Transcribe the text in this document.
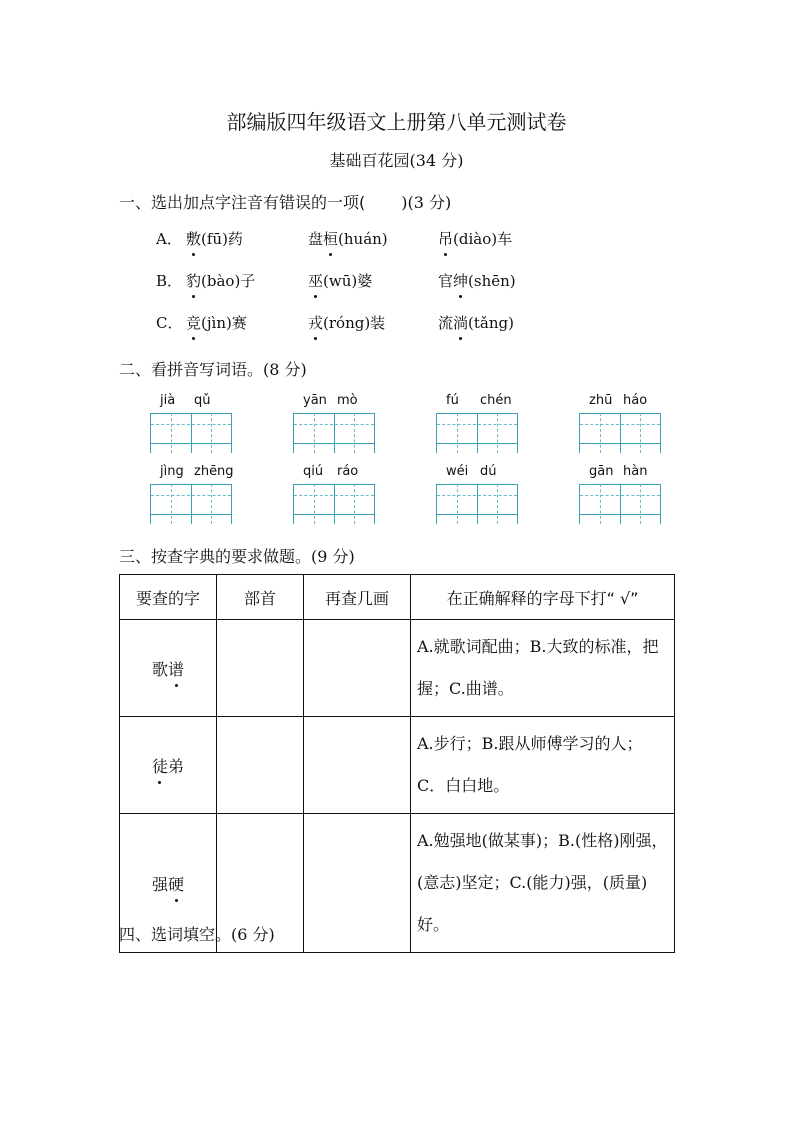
部编版四年级语文上册第八单元测试卷
基础百花园(34 分)
一、选出加点字注音有错误的一项( )(3 分)
A． 敷(fū)药	盘桓(huán)	吊(diào)车
B． 豹(bào)子	巫(wū)婆	官绅(shēn)
C． 竞(jìn)赛	戎(róng)装	流淌(tǎng)
二、看拼音写词语。(8 分)
jià qǔ	yān mò	fú chén	zhū háo
jìng zhēng	qiú ráo	wéi dú	gān hàn
三、按查字典的要求做题。(9 分)
要查的字	部首	再查几画	在正确解释的字母下打“ √”
歌谱			A.就歌词配曲；B.大致的标准，把握；C.曲谱。
徒弟			A.步行；B.跟从师傅学习的人；C．白白地。
强硬			A.勉强地(做某事)；B.(性格)刚强，(意志)坚定；C.(能力)强，(质量)好。
四、选词填空。(6 分)
